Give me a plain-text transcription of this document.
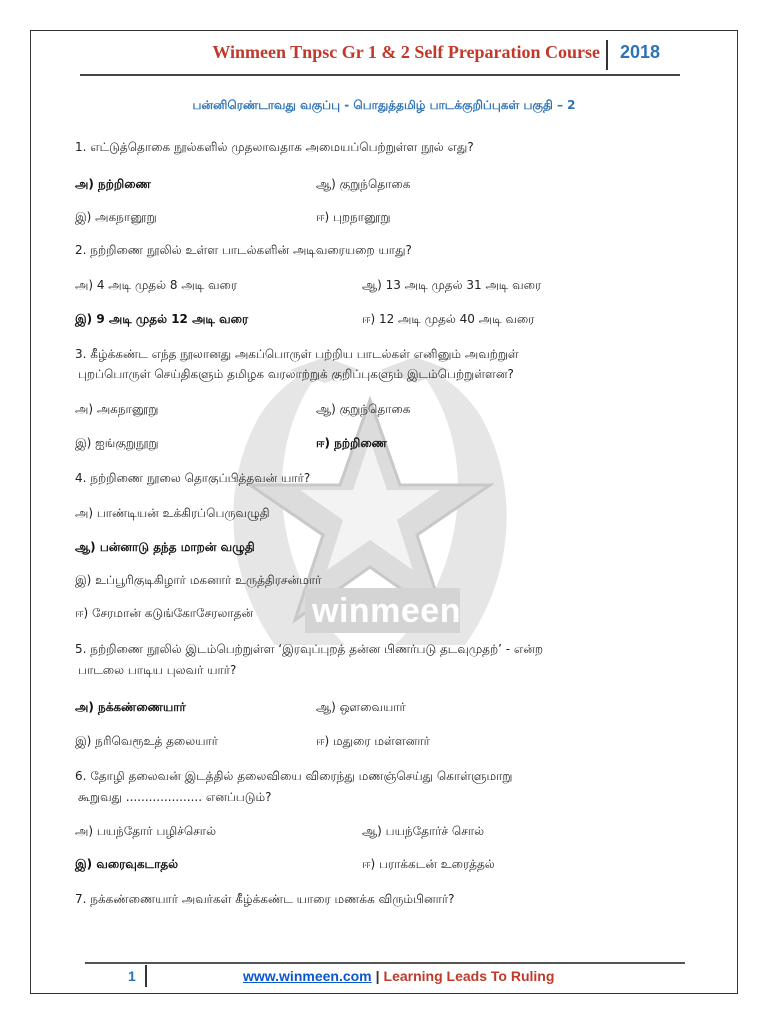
Winmeen Tnpsc Gr 1 & 2 Self Preparation Course 2018
பன்னிரெண்டாவது வகுப்பு - பொதுத்தமிழ் பாடக்குறிப்புகள் பகுதி – 2
winmeen
1. எட்டுத்தொகை நூல்களில் முதலாவதாக அமையப்பெற்றுள்ள நூல் எது?
அ) நற்றிணை	ஆ) குறுந்தொகை
இ) அகநானூறு	ஈ) புறநானூறு
2. நற்றிணை நூலில் உள்ள பாடல்களின் அடிவரையறை யாது?
அ) 4 அடி முதல் 8 அடி வரை	ஆ) 13 அடி முதல் 31 அடி வரை
இ) 9 அடி முதல் 12 அடி வரை	ஈ) 12 அடி முதல் 40 அடி வரை
3. கீழ்க்கண்ட எந்த நூலானது அகப்பொருள் பற்றிய பாடல்கள் எனினும் அவற்றுள்
புறப்பொருள் செய்திகளும் தமிழக வரலாற்றுக் குறிப்புகளும் இடம்பெற்றுள்ளன?
அ) அகநானூறு	ஆ) குறுந்தொகை
இ) ஐங்குறுநூறு	ஈ) நற்றிணை
4. நற்றிணை நூலை தொகுப்பித்தவன் யார்?
அ) பாண்டியன் உக்கிரப்பெருவழுதி
ஆ) பன்னாடு தந்த மாறன் வழுதி
இ) உப்பூரிகுடிகிழார் மகனார் உருத்திரசன்மார்
ஈ) சேரமான் கடுங்கோசேரலாதன்
5. நற்றிணை நூலில் இடம்பெற்றுள்ள ‘இரவுப்புறத் தன்ன பிணர்படு தடவுமுதற்’ - என்ற
பாடலை பாடிய புலவர் யார்?
அ) நக்கண்ணையார்	ஆ) ஔவையார்
இ) நரிவெரூஉத் தலையார்	ஈ) மதுரை மள்ளனார்
6. தோழி தலைவன் இடத்தில் தலைவியை விரைந்து மணஞ்செய்து கொள்ளுமாறு
கூறுவது .................... எனப்படும்?
அ) பயந்தோர் பழிச்சொல்	ஆ) பயந்தோர்ச் சொல்
இ) வரைவுகடாதல்	ஈ) பராக்கடன் உரைத்தல்
7. நக்கண்ணையார் அவர்கள் கீழ்க்கண்ட யாரை மணக்க விரும்பினார்?
1	www.winmeen.com | Learning Leads To Ruling
